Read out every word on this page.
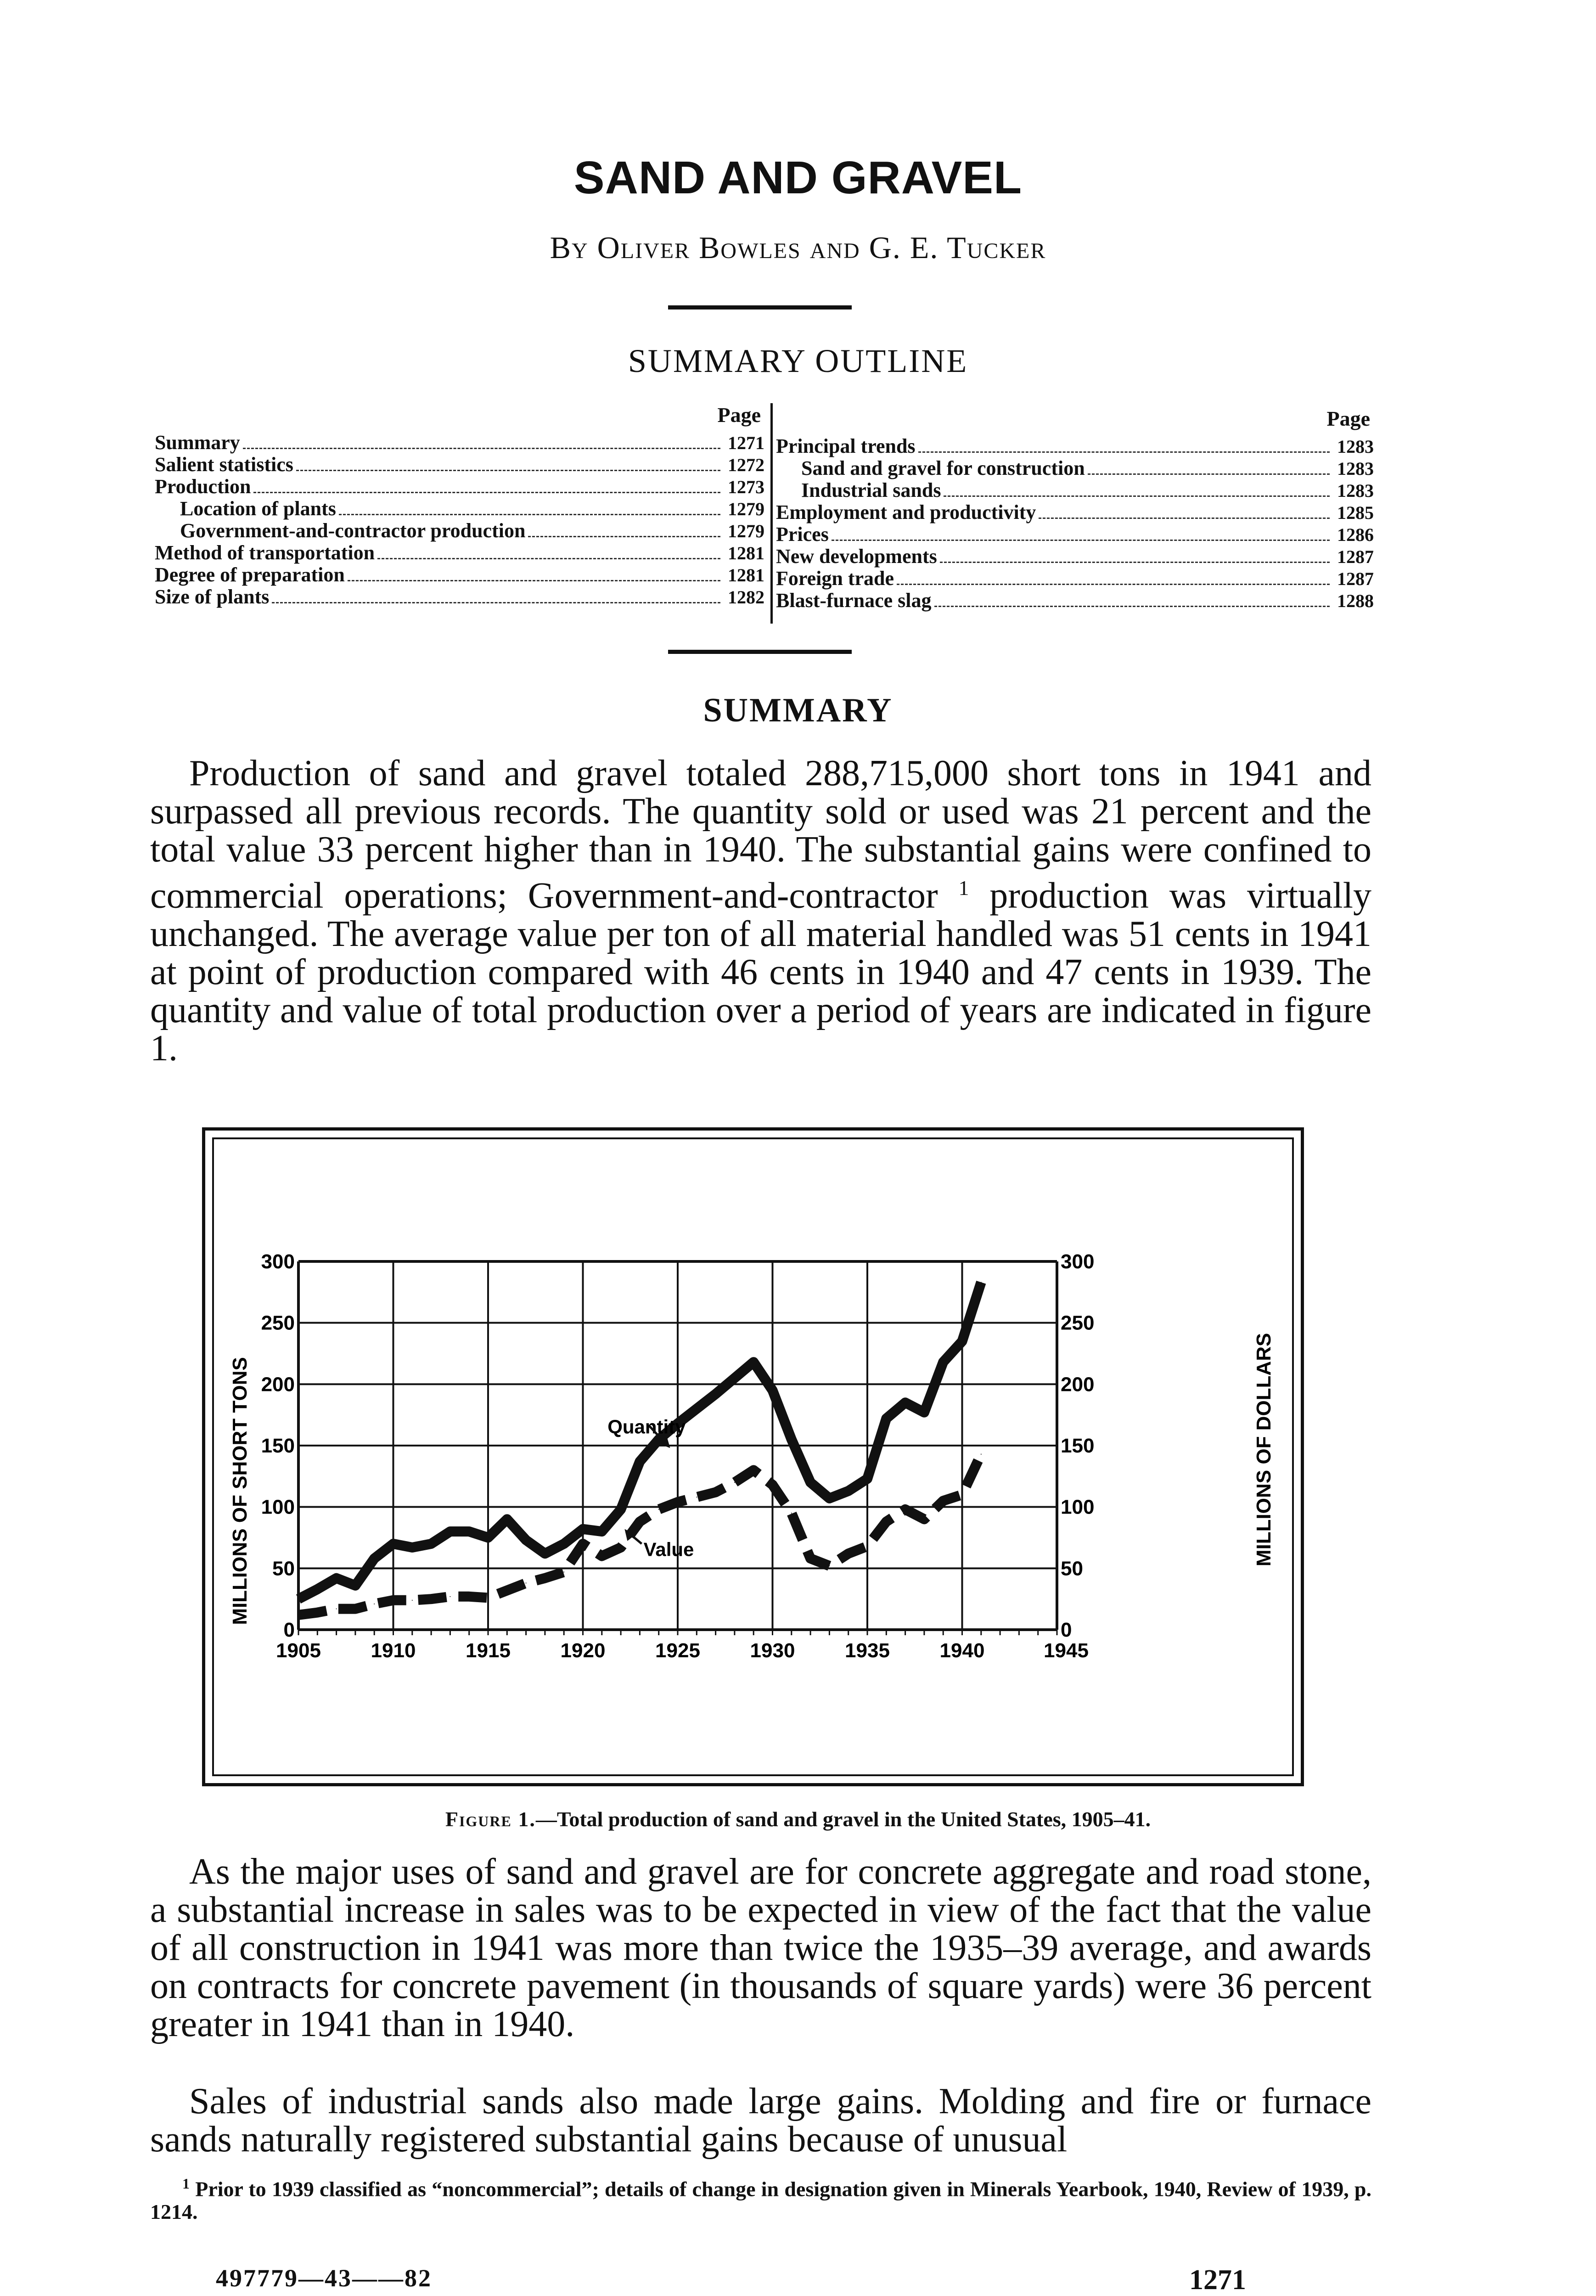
SAND AND GRAVEL
By Oliver Bowles and G. E. Tucker
SUMMARY OUTLINE
Page
Summary	1271
Salient statistics	1272
Production	1273
Location of plants	1279
Government-and-contractor production	1279
Method of transportation	1281
Degree of preparation	1281
Size of plants	1282
Page
Principal trends	1283
Sand and gravel for construction	1283
Industrial sands	1283
Employment and productivity	1285
Prices	1286
New developments	1287
Foreign trade	1287
Blast-furnace slag	1288
SUMMARY
Production of sand and gravel totaled 288,715,000 short tons in 1941 and surpassed all previous records. The quantity sold or used was 21 percent and the total value 33 percent higher than in 1940. The substantial gains were confined to commercial operations; Government-and-contractor $^1$ production was virtually unchanged. The average value per ton of all material handled was 51 cents in 1941 at point of production compared with 46 cents in 1940 and 47 cents in 1939. The quantity and value of total production over a period of years are indicated in figure 1.
1905 1910 1915 1920 1925 1930 1935 1940	1945
0
50
100
150
200
250
300
0
50
100
150
200
250
300
Quantity
Value
MILLIONS OF SHORT TONS	MILLIONS OF DOLLARS
Figure 1.—Total production of sand and gravel in the United States, 1905–41.
As the major uses of sand and gravel are for concrete aggregate and road stone, a substantial increase in sales was to be expected in view of the fact that the value of all construction in 1941 was more than twice the 1935–39 average, and awards on contracts for concrete pavement (in thousands of square yards) were 36 percent greater in 1941 than in 1940.
Sales of industrial sands also made large gains. Molding and fire or furnace sands naturally registered substantial gains because of unusual
$^1$ Prior to 1939 classified as “noncommercial”; details of change in designation given in Minerals Yearbook, 1940, Review of 1939, p. 1214.
497779—43——82	1271
